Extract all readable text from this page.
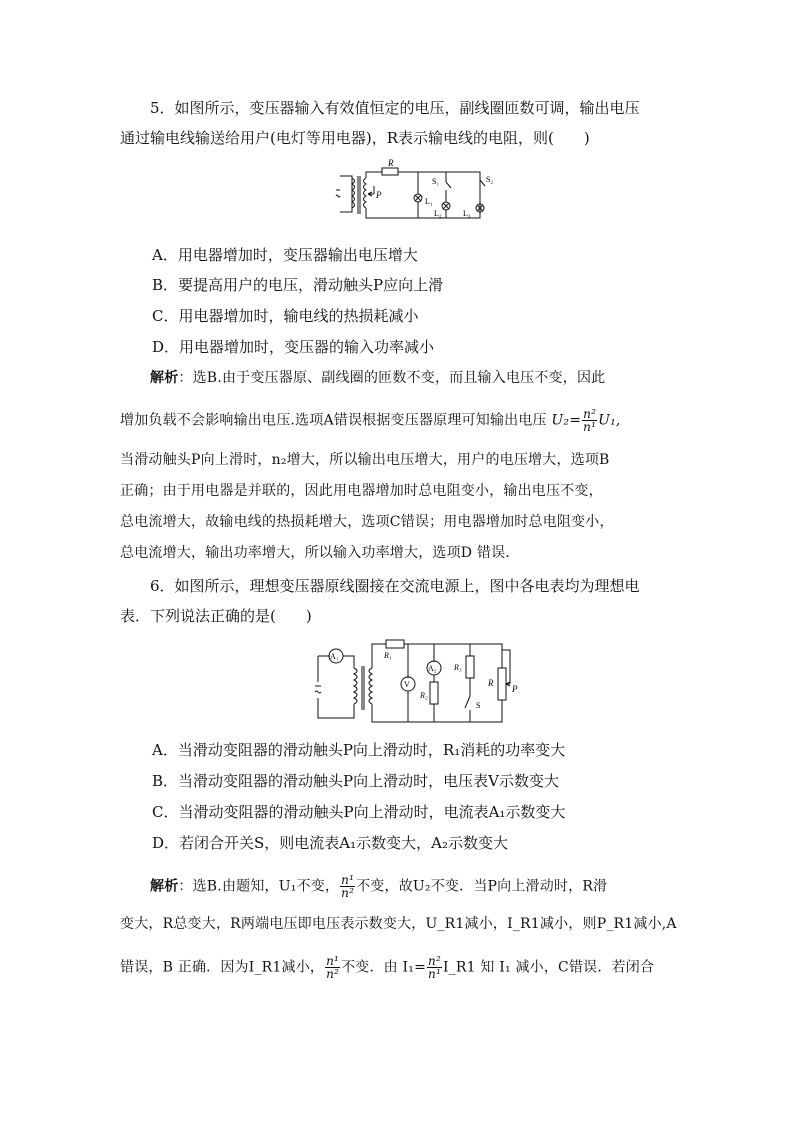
5．如图所示，变压器输入有效值恒定的电压，副线圈匝数可调，输出电压
通过输电线输送给用户(电灯等用电器)，R表示输电线的电阻，则(　　)
R
P
L₁
S₁
L₂
S₂
L₃
A．用电器增加时，变压器输出电压增大
B．要提高用户的电压，滑动触头P应向上滑
C．用电器增加时，输电线的热损耗减小
D．用电器增加时，变压器的输入功率减小
解析：选B.由于变压器原、副线圈的匝数不变，而且输入电压不变，因此
增加负载不会影响输出电压.选项A错误根据变压器原理可知输出电压 $U_2= \frac{\text{n²}}{\text{n¹}} U_1$,
当滑动触头P向上滑时，n₂增大，所以输出电压增大，用户的电压增大，选项B
正确；由于用电器是并联的，因此用电器增加时总电阻变小，输出电压不变，
总电流增大，故输电线的热损耗增大，选项C错误；用电器增加时总电阻变小，
总电流增大，输出功率增大，所以输入功率增大，选项D 错误.
6．如图所示，理想变压器原线圈接在交流电源上，图中各电表均为理想电
表．下列说法正确的是(　　)
A₁
V
A₂
R₁
R₂
R₃
R
P
S
A．当滑动变阻器的滑动触头P向上滑动时，R₁消耗的功率变大
B．当滑动变阻器的滑动触头P向上滑动时，电压表V示数变大
C．当滑动变阻器的滑动触头P向上滑动时，电流表A₁示数变大
D．若闭合开关S，则电流表A₁示数变大，A₂示数变大
解析：选B.由题知，U₁不变， $\frac{\text{n¹}}{\text{n²}}$ 不变，故U₂不变．当P向上滑动时，R滑
变大，R总变大，R两端电压即电压表示数变大，U_R1减小，I_R1减小，则P_R1减小,A
错误，B 正确．因为I_R1减小， $\frac{\text{n¹}}{\text{n²}}$ 不变．由 $I_1= \frac{\text{n²}}{\text{n¹}}$ I_R1 知 I₁ 减小，C错误．若闭合
